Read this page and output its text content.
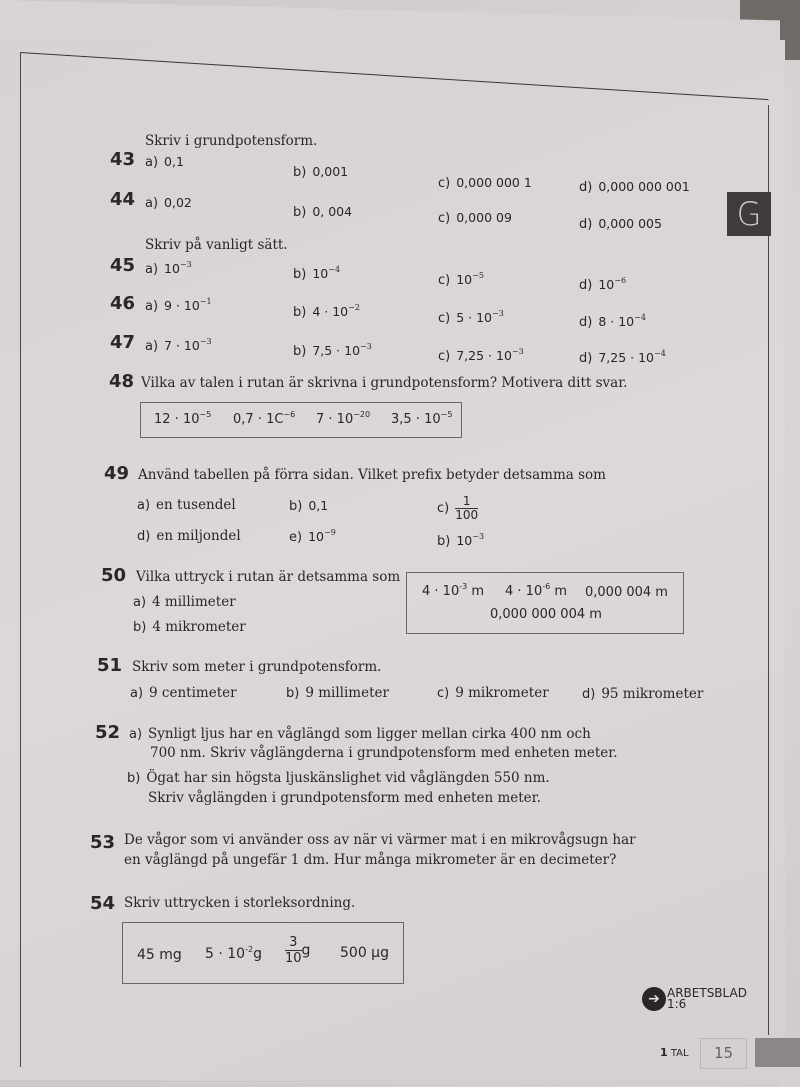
G
Skriv i grundpotensform.
43 a) 0,1
b) 0,001
c) 0,000 000 1	d) 0,000 000 001
44 a) 0,02
b) 0, 004	c) 0,000 09	d) 0,000 005
Skriv på vanligt sätt.
45 a) $10^{-3}$
b) $10^{-4}$
c) $10^{-5}$
d) $10^{-6}$
46 a) $9 \cdot 10^{-1}$
b) $4 \cdot 10^{-2}$
c) $5 \cdot 10^{-3}$
d) $8 \cdot 10^{-4}$
47 a) $7 \cdot 10^{-3}$
b) $7,5 \cdot 10^{-3}$
c) $7,25 \cdot 10^{-3}$	d) $7,25 \cdot 10^{-4}$
48 Vilka av talen i rutan är skrivna i grundpotensform? Motivera ditt svar.
$12 \cdot 10^{-5}$ $0,7 \cdot 1C^{-6}$ $7 \cdot 10^{-20}$ $3,5 \cdot 10^{-5}$
49 Använd tabellen på förra sidan. Vilket prefix betyder detsamma som
a) en tusendel	b) 0,1	$c) \frac{1}{100}$
d) en miljondel	e) $10^{-9}$
b) $10^{-3}$
50 Vilka uttryck i rutan är detsamma som
a) 4 millimeter
b) 4 mikrometer
$4 \cdot 10^{-3}$ m $4 \cdot 10^{-6}$ m 0,000 004 m
0,000 000 004 m
51 Skriv som meter i grundpotensform.
a) 9 centimeter	b) 9 millimeter	c) 9 mikrometer	d) 95 mikrometer
52 a) Synligt ljus har en våglängd som ligger mellan cirka 400 nm och
700 nm. Skriv våglängderna i grundpotensform med enheten meter.
b) Ögat har sin högsta ljuskänslighet vid våglängden 550 nm.
Skriv våglängden i grundpotensform med enheten meter.
53 De vågor som vi använder oss av när vi värmer mat i en mikrovågsugn har
en våglängd på ungefär 1 dm. Hur många mikrometer är en decimeter?
54 Skriv uttrycken i storleksordning.
45 mg $5 \cdot 10^{-2}g \frac{3}{10}$ g 500 µg
➔ ARBETSBLAD
1:6
1 TAL	15
